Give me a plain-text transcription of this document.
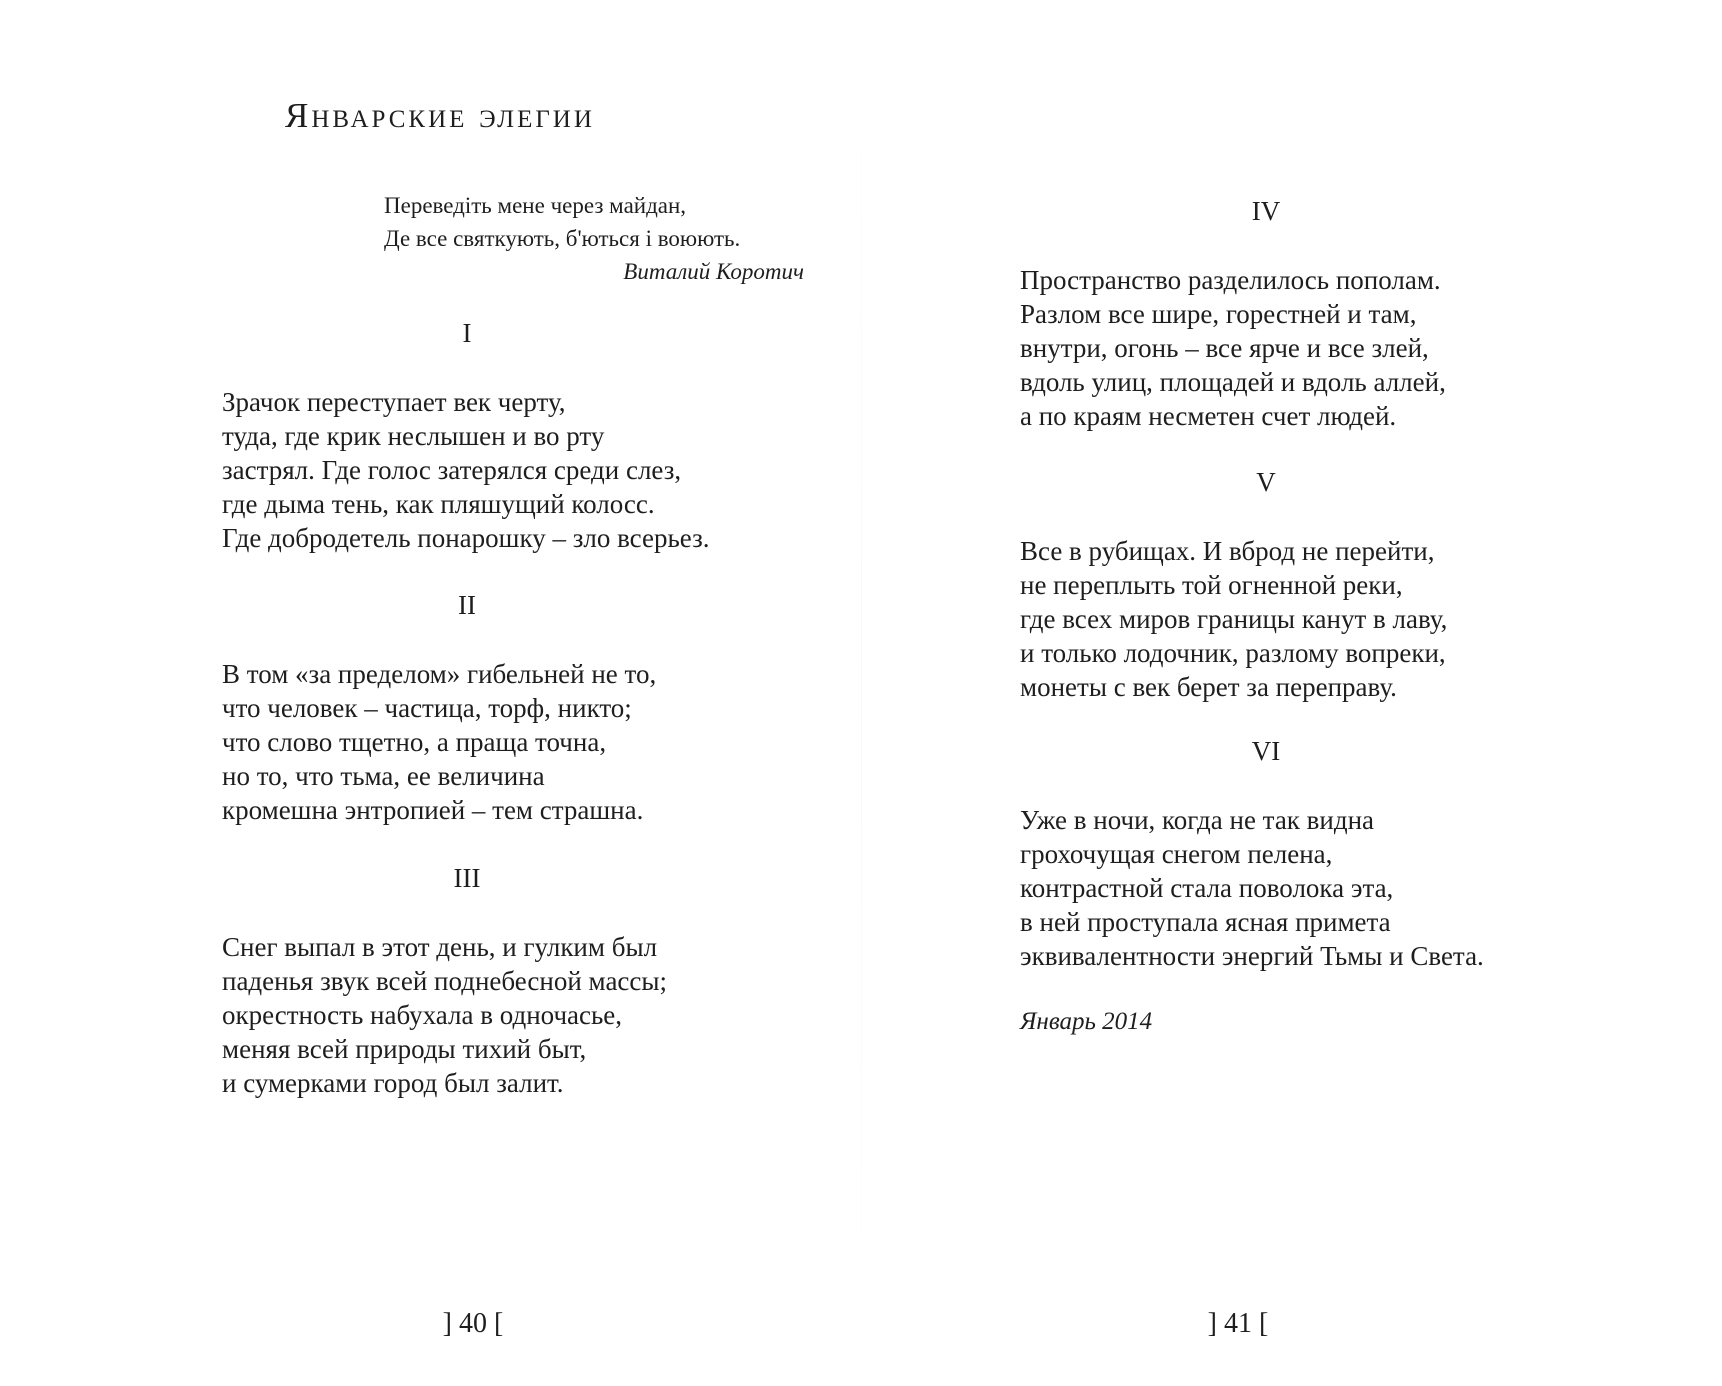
Январские элегии
Переведіть мене через майдан,
Де все святкують, б'ються і воюють.
Виталий Коротич
I
Зрачок переступает век черту,
туда, где крик неслышен и во рту
застрял. Где голос затерялся среди слез,
где дыма тень, как пляшущий колосс.
Где добродетель понарошку – зло всерьез.
II
В том «за пределом» гибельней не то,
что человек – частица, торф, никто;
что слово тщетно, а праща точна,
но то, что тьма, ее величина
кромешна энтропией – тем страшна.
III
Снег выпал в этот день, и гулким был
паденья звук всей поднебесной массы;
окрестность набухала в одночасье,
меняя всей природы тихий быт,
и сумерками город был залит.
] 40 [
IV
Пространство разделилось пополам.
Разлом все шире, горестней и там,
внутри, огонь – все ярче и все злей,
вдоль улиц, площадей и вдоль аллей,
а по краям несметен счет людей.
V
Все в рубищах. И вброд не перейти,
не переплыть той огненной реки,
где всех миров границы канут в лаву,
и только лодочник, разлому вопреки,
монеты с век берет за переправу.
VI
Уже в ночи, когда не так видна
грохочущая снегом пелена,
контрастной стала поволока эта,
в ней проступала ясная примета
эквивалентности энергий Тьмы и Света.
Январь 2014
] 41 [
